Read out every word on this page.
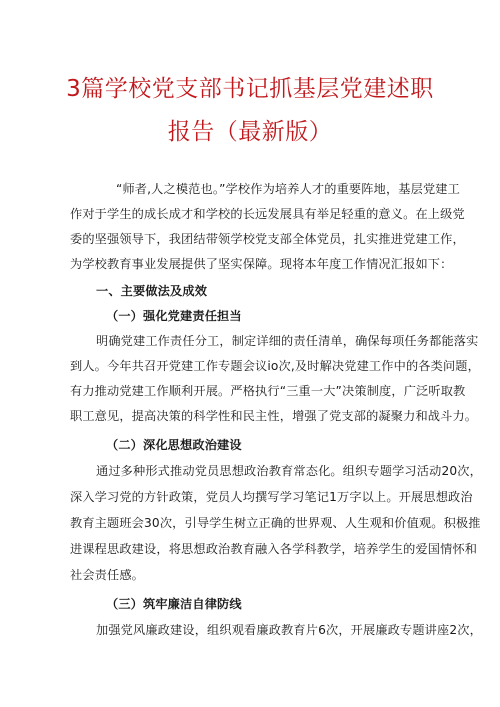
3篇学校党支部书记抓基层党建述职
报告（最新版）
“师者,人之模范也。”学校作为培养人才的重要阵地，基层党建工
作对于学生的成长成才和学校的长远发展具有举足轻重的意义。在上级党
委的坚强领导下，我团结带领学校党支部全体党员，扎实推进党建工作，
为学校教育事业发展提供了坚实保障。现将本年度工作情况汇报如下：
一、主要做法及成效
（一）强化党建责任担当
明确党建工作责任分工，制定详细的责任清单，确保每项任务都能落实
到人。今年共召开党建工作专题会议io次,及时解决党建工作中的各类问题，
有力推动党建工作顺利开展。严格执行“三重一大”决策制度，广泛听取教
职工意见，提高决策的科学性和民主性，增强了党支部的凝聚力和战斗力。
（二）深化思想政治建设
通过多种形式推动党员思想政治教育常态化。组织专题学习活动20次，
深入学习党的方针政策，党员人均撰写学习笔记1万字以上。开展思想政治
教育主题班会30次，引导学生树立正确的世界观、人生观和价值观。积极推
进课程思政建设，将思想政治教育融入各学科教学，培养学生的爱国情怀和
社会责任感。
（三）筑牢廉洁自律防线
加强党风廉政建设，组织观看廉政教育片6次，开展廉政专题讲座2次，
